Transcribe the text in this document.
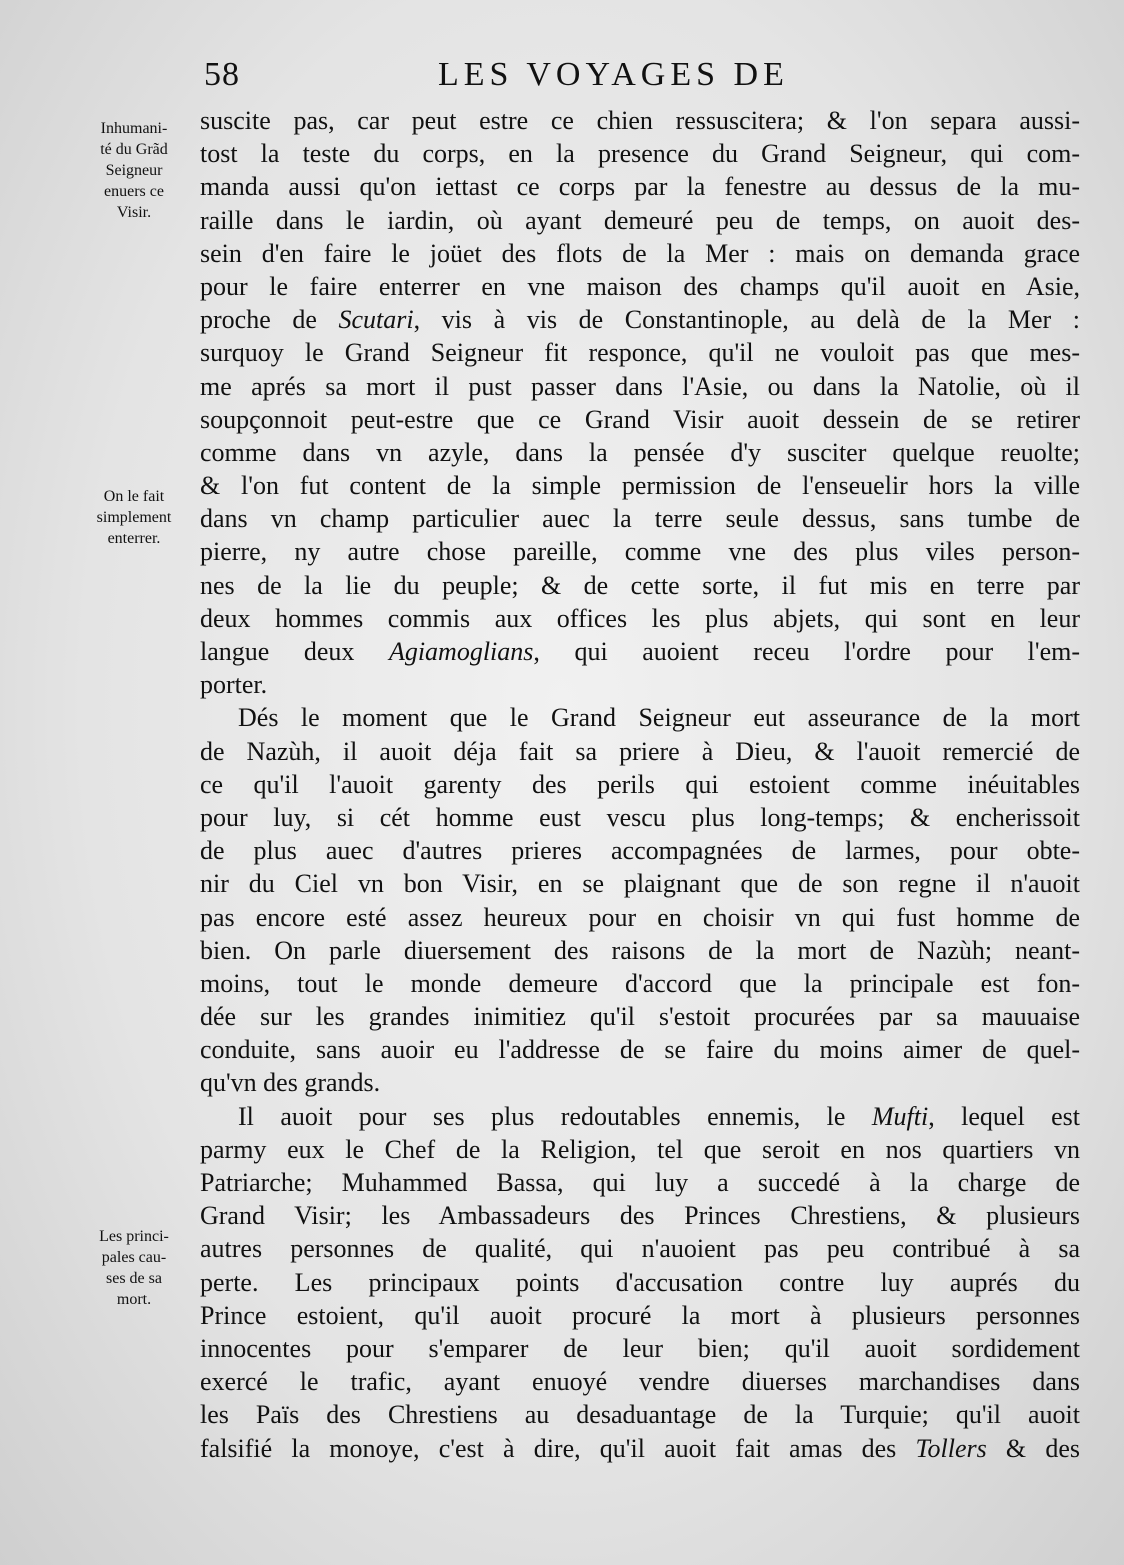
58	LES VOYAGES DE
Inhumani-
té du Grãd
Seigneur
enuers ce
Visir.
On le fait
simplement
enterrer.
Les princi-
pales cau-
ses de sa
mort.
suscite pas, car peut estre ce chien ressuscitera; & l'on separa aussi-
tost la teste du corps, en la presence du Grand Seigneur, qui com-
manda aussi qu'on iettast ce corps par la fenestre au dessus de la mu-
raille dans le iardin, où ayant demeuré peu de temps, on auoit des-
sein d'en faire le joüet des flots de la Mer : mais on demanda grace
pour le faire enterrer en vne maison des champs qu'il auoit en Asie,
proche de Scutari, vis à vis de Constantinople, au delà de la Mer :
surquoy le Grand Seigneur fit responce, qu'il ne vouloit pas que mes-
me aprés sa mort il pust passer dans l'Asie, ou dans la Natolie, où il
soupçonnoit peut-estre que ce Grand Visir auoit dessein de se retirer
comme dans vn azyle, dans la pensée d'y susciter quelque reuolte;
& l'on fut content de la simple permission de l'enseuelir hors la ville
dans vn champ particulier auec la terre seule dessus, sans tumbe de
pierre, ny autre chose pareille, comme vne des plus viles person-
nes de la lie du peuple; & de cette sorte, il fut mis en terre par
deux hommes commis aux offices les plus abjets, qui sont en leur
langue deux Agiamoglians, qui auoient receu l'ordre pour l'em-
porter.
Dés le moment que le Grand Seigneur eut asseurance de la mort
de Nazùh, il auoit déja fait sa priere à Dieu, & l'auoit remercié de
ce qu'il l'auoit garenty des perils qui estoient comme inéuitables
pour luy, si cét homme eust vescu plus long-temps; & encherissoit
de plus auec d'autres prieres accompagnées de larmes, pour obte-
nir du Ciel vn bon Visir, en se plaignant que de son regne il n'auoit
pas encore esté assez heureux pour en choisir vn qui fust homme de
bien. On parle diuersement des raisons de la mort de Nazùh; neant-
moins, tout le monde demeure d'accord que la principale est fon-
dée sur les grandes inimitiez qu'il s'estoit procurées par sa mauuaise
conduite, sans auoir eu l'addresse de se faire du moins aimer de quel-
qu'vn des grands.
Il auoit pour ses plus redoutables ennemis, le Mufti, lequel est
parmy eux le Chef de la Religion, tel que seroit en nos quartiers vn
Patriarche; Muhammed Bassa, qui luy a succedé à la charge de
Grand Visir; les Ambassadeurs des Princes Chrestiens, & plusieurs
autres personnes de qualité, qui n'auoient pas peu contribué à sa
perte. Les principaux points d'accusation contre luy auprés du
Prince estoient, qu'il auoit procuré la mort à plusieurs personnes
innocentes pour s'emparer de leur bien; qu'il auoit sordidement
exercé le trafic, ayant enuoyé vendre diuerses marchandises dans
les Païs des Chrestiens au desaduantage de la Turquie; qu'il auoit
falsifié la monoye, c'est à dire, qu'il auoit fait amas des Tollers & des
